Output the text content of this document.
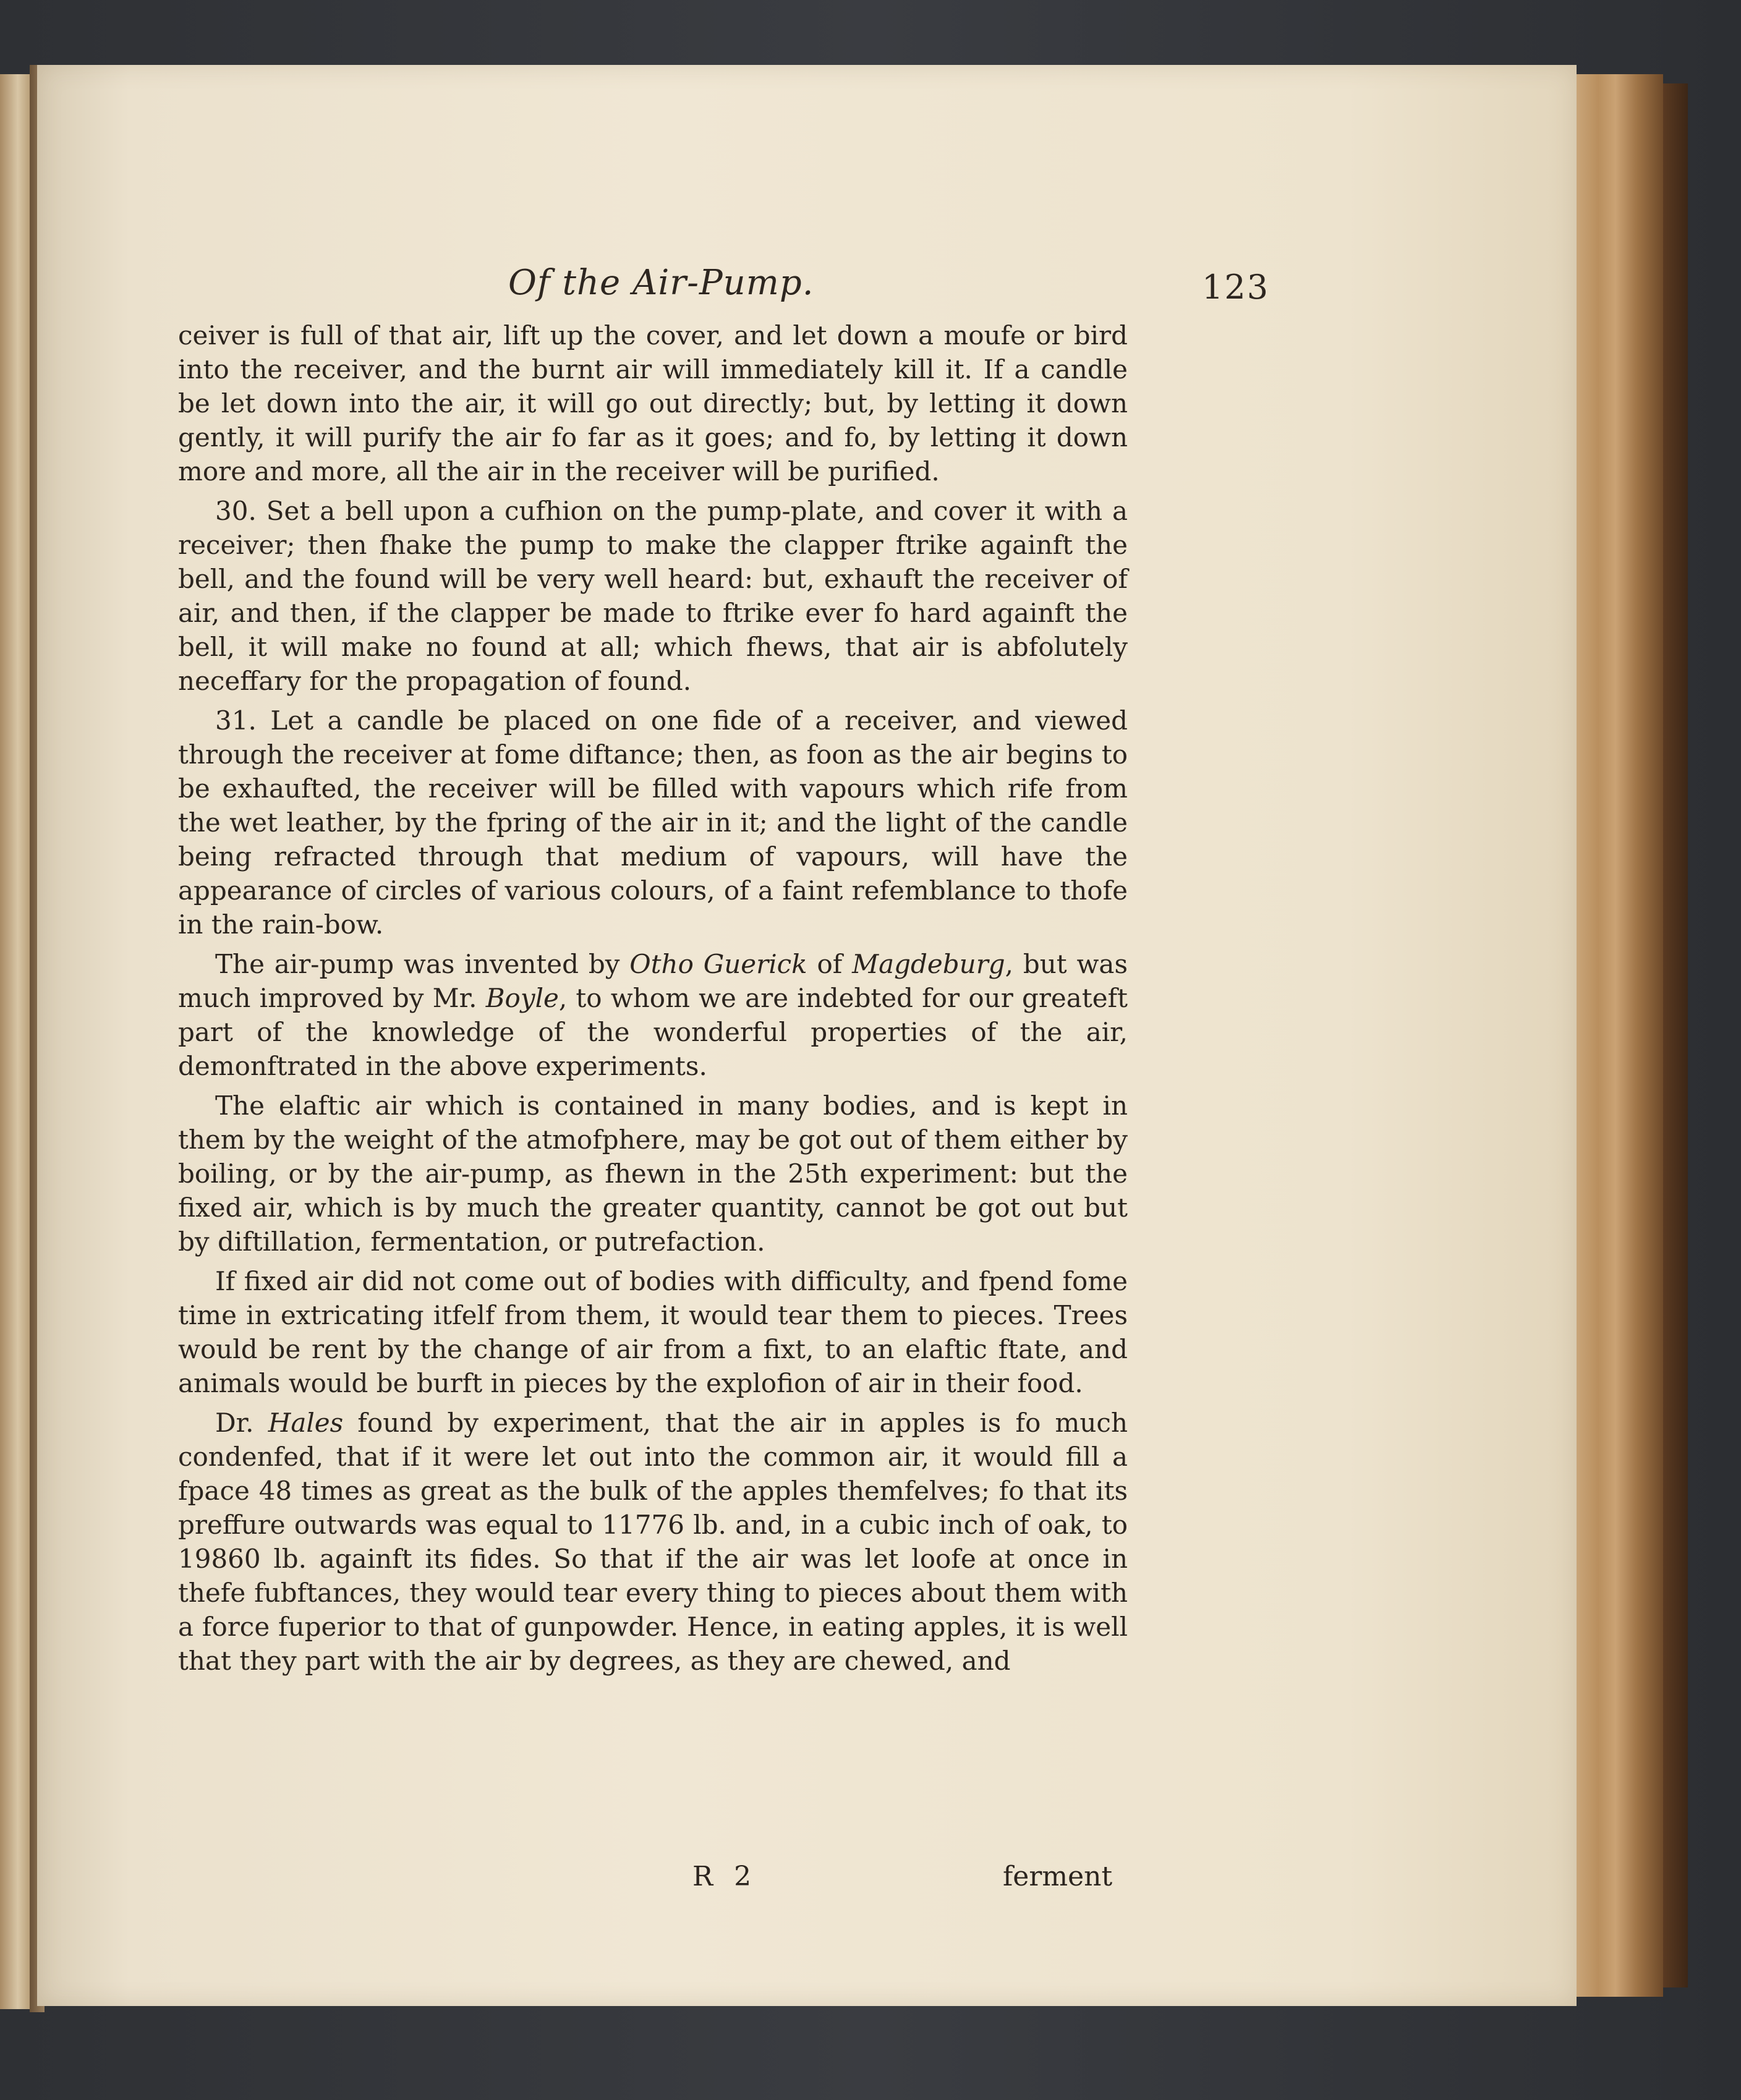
Of the Air-Pump.	123

ceiver is full of that air, lift up the cover, and let down a moufe or bird into the receiver, and the burnt air will immediately kill it. If a candle be let down into the air, it will go out directly; but, by letting it down gently, it will purify the air fo far as it goes; and fo, by letting it down more and more, all the air in the receiver will be purified.

30. Set a bell upon a cufhion on the pump-plate, and cover it with a receiver; then fhake the pump to make the clapper ftrike againft the bell, and the found will be very well heard: but, exhauft the receiver of air, and then, if the clapper be made to ftrike ever fo hard againft the bell, it will make no found at all; which fhews, that air is abfolutely neceffary for the propagation of found.

31. Let a candle be placed on one fide of a receiver, and viewed through the receiver at fome diftance; then, as foon as the air begins to be exhaufted, the receiver will be filled with vapours which rife from the wet leather, by the fpring of the air in it; and the light of the candle being refracted through that medium of vapours, will have the appearance of circles of various colours, of a faint refemblance to thofe in the rain-bow.

The air-pump was invented by Otho Guerick of Magdeburg, but was much improved by Mr. Boyle, to whom we are indebted for our greateft part of the knowledge of the wonderful properties of the air, demonftrated in the above experiments.

The elaftic air which is contained in many bodies, and is kept in them by the weight of the atmofphere, may be got out of them either by boiling, or by the air-pump, as fhewn in the 25th experiment: but the fixed air, which is by much the greater quantity, cannot be got out but by diftillation, fermentation, or putrefaction.

If fixed air did not come out of bodies with difficulty, and fpend fome time in extricating itfelf from them, it would tear them to pieces. Trees would be rent by the change of air from a fixt, to an elaftic ftate, and animals would be burft in pieces by the explofion of air in their food.

Dr. Hales found by experiment, that the air in apples is fo much condenfed, that if it were let out into the common air, it would fill a fpace 48 times as great as the bulk of the apples themfelves; fo that its preffure outwards was equal to 11776 lb. and, in a cubic inch of oak, to 19860 lb. againft its fides. So that if the air was let loofe at once in thefe fubftances, they would tear every thing to pieces about them with a force fuperior to that of gunpowder. Hence, in eating apples, it is well that they part with the air by degrees, as they are chewed, and

R 2	ferment
